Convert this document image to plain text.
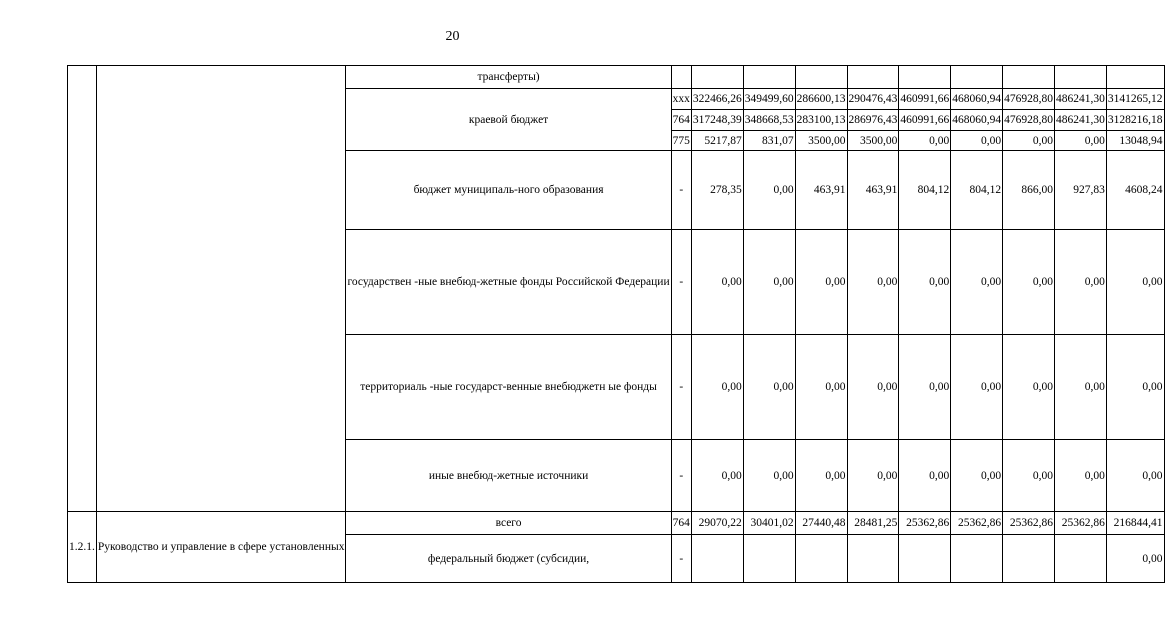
20
		трансферты)										
		краевой бюджет	xxx	322466,26	349499,60	286600,13	290476,43	460991,66	468060,94	476928,80	486241,30	3141265,12
			764	317248,39	348668,53	283100,13	286976,43	460991,66	468060,94	476928,80	486241,30	3128216,18
			775	5217,87	831,07	3500,00	3500,00	0,00	0,00	0,00	0,00	13048,94
		бюджет муниципаль-ного образования	-	278,35	0,00	463,91	463,91	804,12	804,12	866,00	927,83	4608,24
		государствен -ные внебюд-жетные фонды Российской Федерации	-	0,00	0,00	0,00	0,00	0,00	0,00	0,00	0,00	0,00
		территориаль -ные государст-венные внебюджетн ые фонды	-	0,00	0,00	0,00	0,00	0,00	0,00	0,00	0,00	0,00
		иные внебюд-жетные источники	-	0,00	0,00	0,00	0,00	0,00	0,00	0,00	0,00	0,00
1.2.1.	Руководство и управление в сфере установленных	всего	764	29070,22	30401,02	27440,48	28481,25	25362,86	25362,86	25362,86	25362,86	216844,41
		федеральный бюджет (субсидии,	-									0,00
